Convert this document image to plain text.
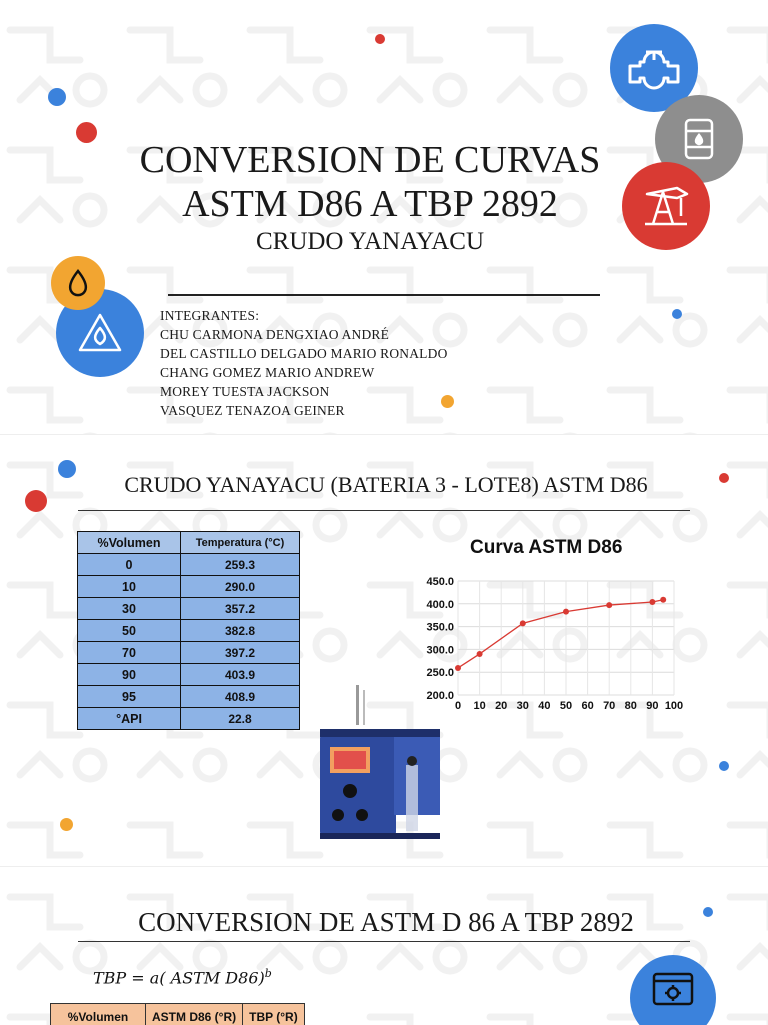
CONVERSION DE CURVAS
ASTM D86 A TBP 2892
CRUDO YANAYACU
INTEGRANTES:
CHU CARMONA DENGXIAO ANDRÉ
DEL CASTILLO DELGADO MARIO RONALDO
CHANG GOMEZ MARIO ANDREW
MOREY TUESTA JACKSON
VASQUEZ TENAZOA GEINER
CRUDO YANAYACU (BATERIA 3 - LOTE8) ASTM D86
%Volumen	Temperatura (°C)
0	259.3
10	290.0
30	357.2
50	382.8
70	397.2
90	403.9
95	408.9
°API	22.8
Curva ASTM D86
200.0
250.0
300.0
350.0
400.0
450.0
0 10 20 30 40 50 60 70 80 90 100
CONVERSION DE ASTM D 86 A TBP 2892
TBP = a( ASTM D86)$^b$
%Volumen	ASTM D86 (°R)	TBP (°R)
